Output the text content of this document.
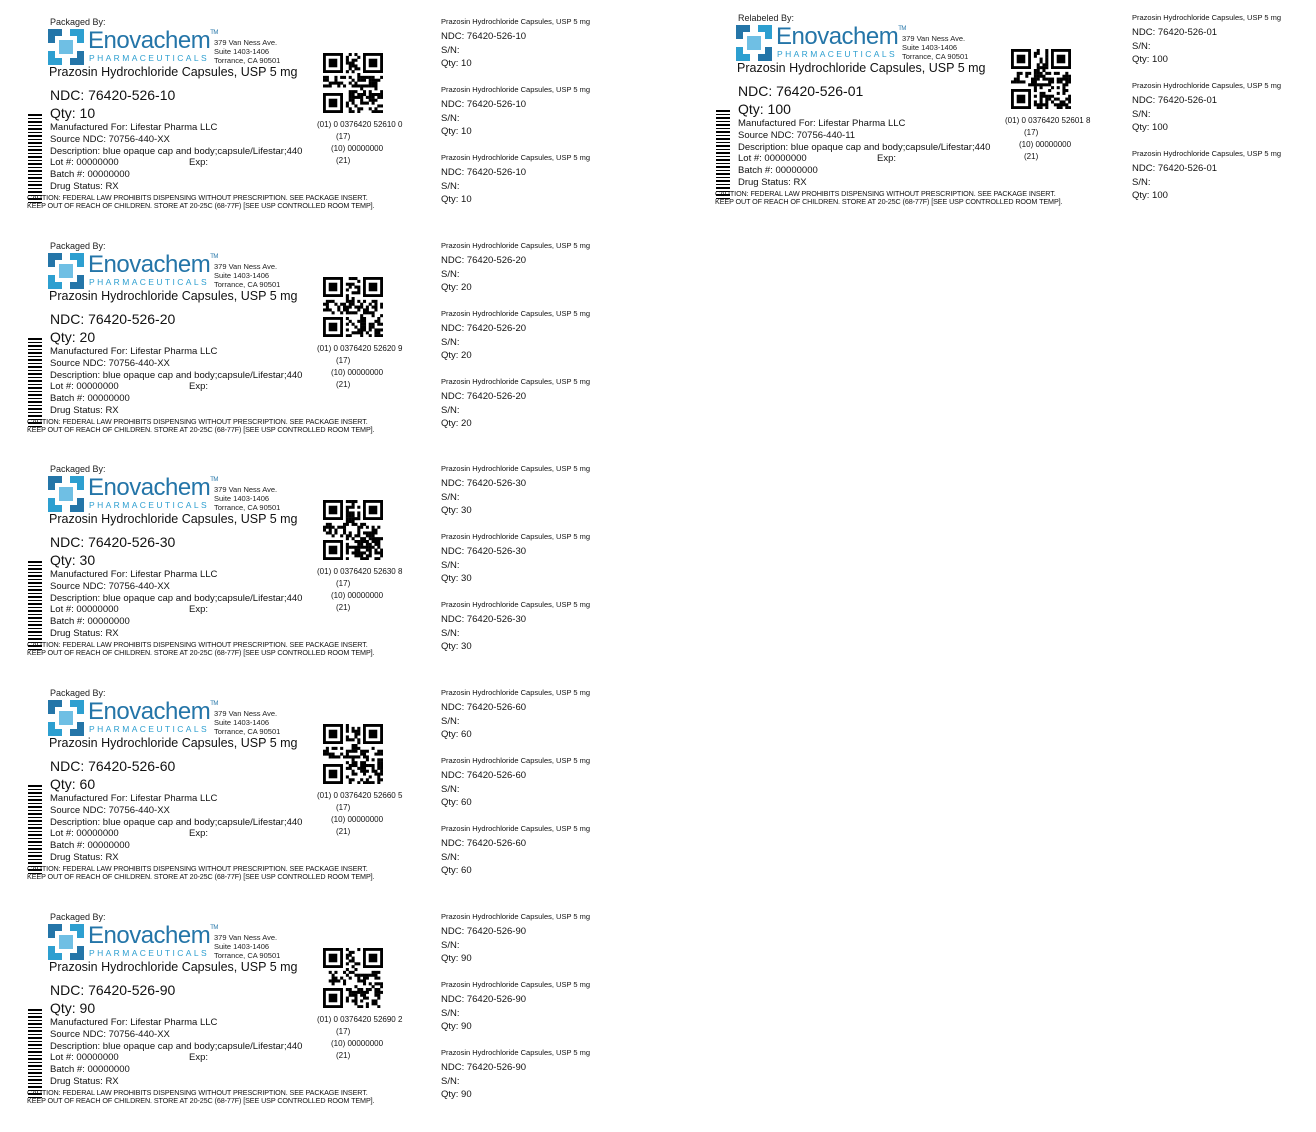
Packaged By:
Enovachem™
PHARMACEUTICALS
379 Van Ness Ave.
Suite 1403-1406
Torrance, CA 90501
Prazosin Hydrochloride Capsules, USP 5 mg
NDC: 76420-526-10
Qty: 10
Manufactured For: Lifestar Pharma LLC
Source NDC: 70756-440-XX
Description: blue opaque cap and body;capsule/Lifestar;440
Lot #: 00000000	Exp:
Batch #: 00000000
Drug Status: RX
(01) 0 0376420 52610 0
(17)
(10) 00000000
(21)
CAUTION: FEDERAL LAW PROHIBITS DISPENSING WITHOUT PRESCRIPTION. SEE PACKAGE INSERT.
KEEP OUT OF REACH OF CHILDREN. STORE AT 20-25C (68-77F) [SEE USP CONTROLLED ROOM TEMP].
Prazosin Hydrochloride Capsules, USP 5 mg
NDC: 76420-526-10
S/N:
Qty: 10
Prazosin Hydrochloride Capsules, USP 5 mg
NDC: 76420-526-10
S/N:
Qty: 10
Prazosin Hydrochloride Capsules, USP 5 mg
NDC: 76420-526-10
S/N:
Qty: 10
Packaged By:
Enovachem™
PHARMACEUTICALS
379 Van Ness Ave.
Suite 1403-1406
Torrance, CA 90501
Prazosin Hydrochloride Capsules, USP 5 mg
NDC: 76420-526-20
Qty: 20
Manufactured For: Lifestar Pharma LLC
Source NDC: 70756-440-XX
Description: blue opaque cap and body;capsule/Lifestar;440
Lot #: 00000000	Exp:
Batch #: 00000000
Drug Status: RX
(01) 0 0376420 52620 9
(17)
(10) 00000000
(21)
CAUTION: FEDERAL LAW PROHIBITS DISPENSING WITHOUT PRESCRIPTION. SEE PACKAGE INSERT.
KEEP OUT OF REACH OF CHILDREN. STORE AT 20-25C (68-77F) [SEE USP CONTROLLED ROOM TEMP].
Prazosin Hydrochloride Capsules, USP 5 mg
NDC: 76420-526-20
S/N:
Qty: 20
Prazosin Hydrochloride Capsules, USP 5 mg
NDC: 76420-526-20
S/N:
Qty: 20
Prazosin Hydrochloride Capsules, USP 5 mg
NDC: 76420-526-20
S/N:
Qty: 20
Packaged By:
Enovachem™
PHARMACEUTICALS
379 Van Ness Ave.
Suite 1403-1406
Torrance, CA 90501
Prazosin Hydrochloride Capsules, USP 5 mg
NDC: 76420-526-30
Qty: 30
Manufactured For: Lifestar Pharma LLC
Source NDC: 70756-440-XX
Description: blue opaque cap and body;capsule/Lifestar;440
Lot #: 00000000	Exp:
Batch #: 00000000
Drug Status: RX
(01) 0 0376420 52630 8
(17)
(10) 00000000
(21)
CAUTION: FEDERAL LAW PROHIBITS DISPENSING WITHOUT PRESCRIPTION. SEE PACKAGE INSERT.
KEEP OUT OF REACH OF CHILDREN. STORE AT 20-25C (68-77F) [SEE USP CONTROLLED ROOM TEMP].
Prazosin Hydrochloride Capsules, USP 5 mg
NDC: 76420-526-30
S/N:
Qty: 30
Prazosin Hydrochloride Capsules, USP 5 mg
NDC: 76420-526-30
S/N:
Qty: 30
Prazosin Hydrochloride Capsules, USP 5 mg
NDC: 76420-526-30
S/N:
Qty: 30
Packaged By:
Enovachem™
PHARMACEUTICALS
379 Van Ness Ave.
Suite 1403-1406
Torrance, CA 90501
Prazosin Hydrochloride Capsules, USP 5 mg
NDC: 76420-526-60
Qty: 60
Manufactured For: Lifestar Pharma LLC
Source NDC: 70756-440-XX
Description: blue opaque cap and body;capsule/Lifestar;440
Lot #: 00000000	Exp:
Batch #: 00000000
Drug Status: RX
(01) 0 0376420 52660 5
(17)
(10) 00000000
(21)
CAUTION: FEDERAL LAW PROHIBITS DISPENSING WITHOUT PRESCRIPTION. SEE PACKAGE INSERT.
KEEP OUT OF REACH OF CHILDREN. STORE AT 20-25C (68-77F) [SEE USP CONTROLLED ROOM TEMP].
Prazosin Hydrochloride Capsules, USP 5 mg
NDC: 76420-526-60
S/N:
Qty: 60
Prazosin Hydrochloride Capsules, USP 5 mg
NDC: 76420-526-60
S/N:
Qty: 60
Prazosin Hydrochloride Capsules, USP 5 mg
NDC: 76420-526-60
S/N:
Qty: 60
Packaged By:
Enovachem™
PHARMACEUTICALS
379 Van Ness Ave.
Suite 1403-1406
Torrance, CA 90501
Prazosin Hydrochloride Capsules, USP 5 mg
NDC: 76420-526-90
Qty: 90
Manufactured For: Lifestar Pharma LLC
Source NDC: 70756-440-XX
Description: blue opaque cap and body;capsule/Lifestar;440
Lot #: 00000000	Exp:
Batch #: 00000000
Drug Status: RX
(01) 0 0376420 52690 2
(17)
(10) 00000000
(21)
CAUTION: FEDERAL LAW PROHIBITS DISPENSING WITHOUT PRESCRIPTION. SEE PACKAGE INSERT.
KEEP OUT OF REACH OF CHILDREN. STORE AT 20-25C (68-77F) [SEE USP CONTROLLED ROOM TEMP].
Prazosin Hydrochloride Capsules, USP 5 mg
NDC: 76420-526-90
S/N:
Qty: 90
Prazosin Hydrochloride Capsules, USP 5 mg
NDC: 76420-526-90
S/N:
Qty: 90
Prazosin Hydrochloride Capsules, USP 5 mg
NDC: 76420-526-90
S/N:
Qty: 90
Relabeled By:
Enovachem™
PHARMACEUTICALS
379 Van Ness Ave.
Suite 1403-1406
Torrance, CA 90501
Prazosin Hydrochloride Capsules, USP 5 mg
NDC: 76420-526-01
Qty: 100
Manufactured For: Lifestar Pharma LLC
Source NDC: 70756-440-11
Description: blue opaque cap and body;capsule/Lifestar;440
Lot #: 00000000	Exp:
Batch #: 00000000
Drug Status: RX
(01) 0 0376420 52601 8
(17)
(10) 00000000
(21)
CAUTION: FEDERAL LAW PROHIBITS DISPENSING WITHOUT PRESCRIPTION. SEE PACKAGE INSERT.
KEEP OUT OF REACH OF CHILDREN. STORE AT 20-25C (68-77F) [SEE USP CONTROLLED ROOM TEMP].
Prazosin Hydrochloride Capsules, USP 5 mg
NDC: 76420-526-01
S/N:
Qty: 100
Prazosin Hydrochloride Capsules, USP 5 mg
NDC: 76420-526-01
S/N:
Qty: 100
Prazosin Hydrochloride Capsules, USP 5 mg
NDC: 76420-526-01
S/N:
Qty: 100
